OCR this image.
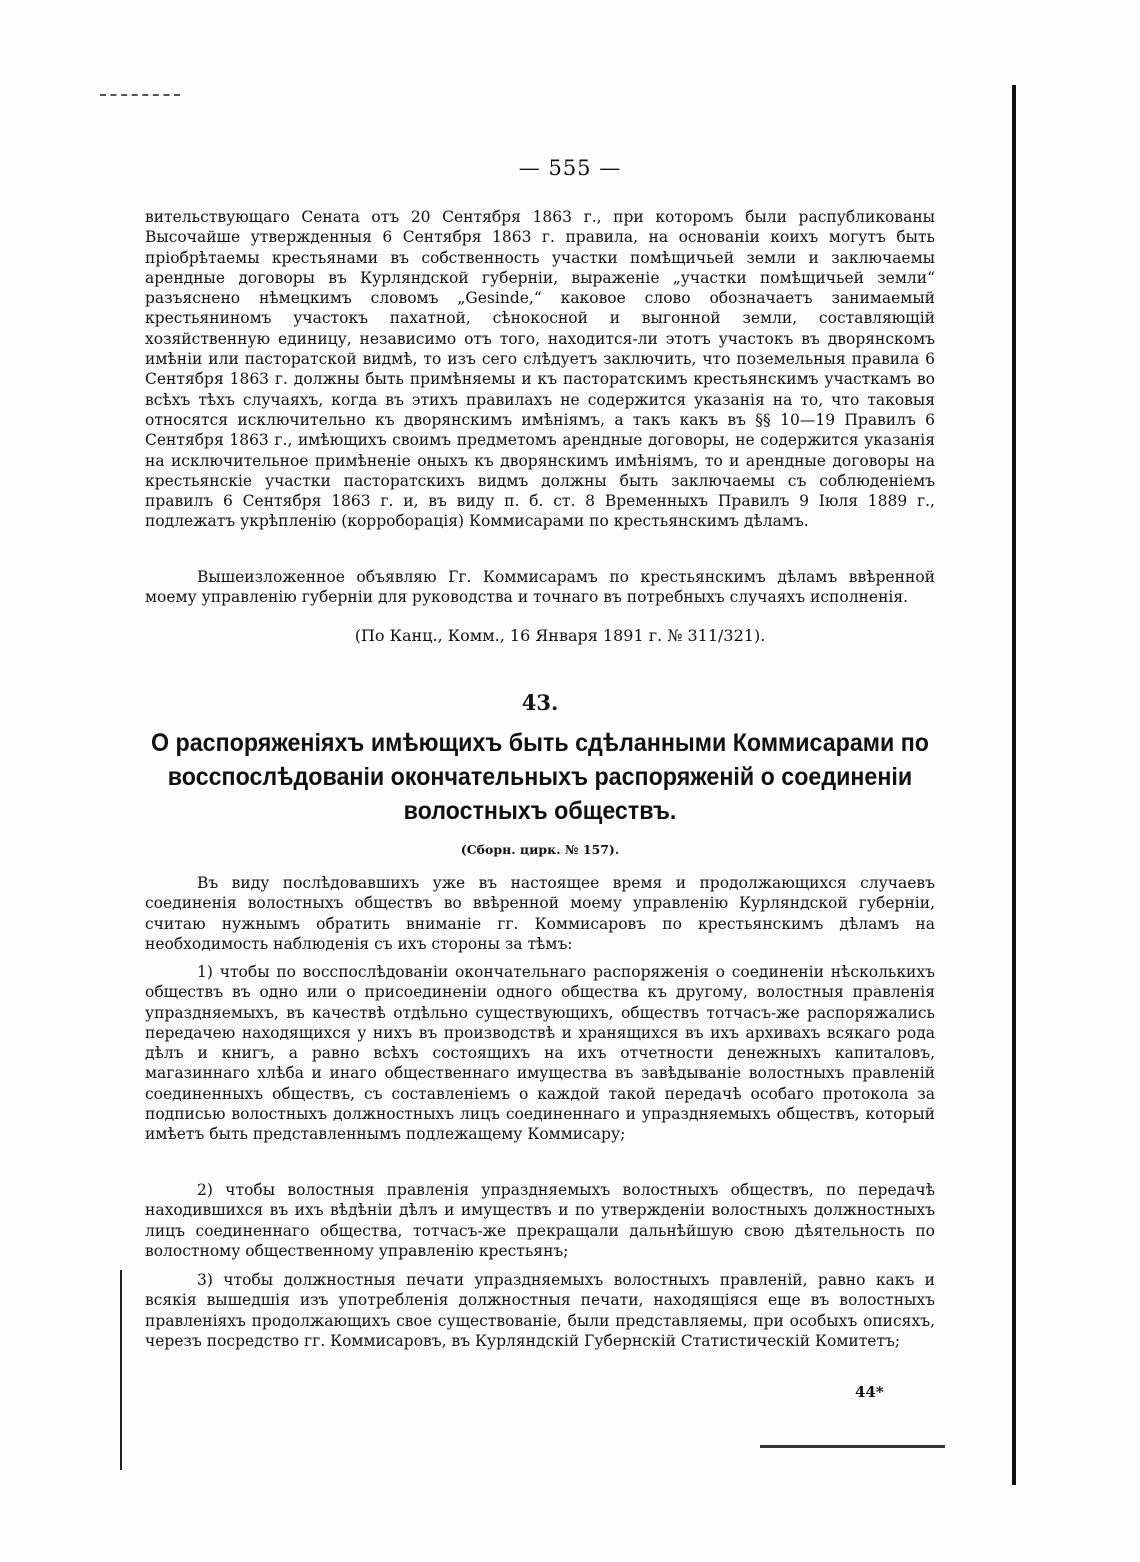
— 555 —

вительствующаго Сената отъ 20 Сентября 1863 г., при которомъ были распубликованы Высочайше утвержденныя 6 Сентября 1863 г. правила, на основаніи коихъ могутъ быть пріобрѣтаемы крестьянами въ собственность участки помѣщичьей земли и заключаемы арендные договоры въ Курляндской губерніи, выраженіе „участки помѣщичьей земли“ разъяснено нѣмецкимъ словомъ „Gesinde,“ каковое слово обозначаетъ занимаемый крестьяниномъ участокъ пахатной, сѣнокосной и выгонной земли, составляющій хозяйственную единицу, независимо отъ того, находится-ли этотъ участокъ въ дворянскомъ имѣніи или пасторатской видмѣ, то изъ сего слѣдуетъ заключить, что поземельныя правила 6 Сентября 1863 г. должны быть примѣняемы и къ пасторатскимъ крестьянскимъ участкамъ во всѣхъ тѣхъ случаяхъ, когда въ этихъ правилахъ не содержится указанія на то, что таковыя относятся исключительно къ дворянскимъ имѣніямъ, а такъ какъ въ §§ 10—19 Правилъ 6 Сентября 1863 г., имѣющихъ своимъ предметомъ арендные договоры, не содержится указанія на исключительное примѣненіе оныхъ къ дворянскимъ имѣніямъ, то и арендные договоры на крестьянскіе участки пасторатскихъ видмъ должны быть заключаемы съ соблюденіемъ правилъ 6 Сентября 1863 г. и, въ виду п. б. ст. 8 Временныхъ Правилъ 9 Іюля 1889 г., подлежатъ укрѣпленію (корроборація) Коммисарами по крестьянскимъ дѣламъ.

Вышеизложенное объявляю Гг. Коммисарамъ по крестьянскимъ дѣламъ ввѣренной моему управленію губерніи для руководства и точнаго въ потребныхъ случаяхъ исполненія.

(По Канц., Комм., 16 Января 1891 г. № 311/321).
43.
О распоряженіяхъ имѣющихъ быть сдѣланными Коммисарами по восспослѣдованіи окончательныхъ распоряженій о соединеніи волостныхъ обществъ.
(Сборн. цирк. № 157).

Въ виду послѣдовавшихъ уже въ настоящее время и продолжающихся случаевъ соединенія волостныхъ обществъ во ввѣренной моему управленію Курляндской губерніи, считаю нужнымъ обратить вниманіе гг. Коммисаровъ по крестьянскимъ дѣламъ на необходимость наблюденія съ ихъ стороны за тѣмъ:

1) чтобы по восспослѣдованіи окончательнаго распоряженія о соединеніи нѣсколькихъ обществъ въ одно или о присоединеніи одного общества къ другому, волостныя правленія упраздняемыхъ, въ качествѣ отдѣльно существующихъ, обществъ тотчасъ-же распоряжались передачею находящихся у нихъ въ производствѣ и хранящихся въ ихъ архивахъ всякаго рода дѣлъ и книгъ, а равно всѣхъ состоящихъ на ихъ отчетности денежныхъ капиталовъ, магазиннаго хлѣба и инаго общественнаго имущества въ завѣдываніе волостныхъ правленій соединенныхъ обществъ, съ составленіемъ о каждой такой передачѣ особаго протокола за подписью волостныхъ должностныхъ лицъ соединеннаго и упраздняемыхъ обществъ, который имѣетъ быть представленнымъ подлежащему Коммисару;

2) чтобы волостныя правленія упраздняемыхъ волостныхъ обществъ, по передачѣ находившихся въ ихъ вѣдѣніи дѣлъ и имуществъ и по утвержденіи волостныхъ должностныхъ лицъ соединеннаго общества, тотчасъ-же прекращали дальнѣйшую свою дѣятельность по волостному общественному управленію крестьянъ;

3) чтобы должностныя печати упраздняемыхъ волостныхъ правленій, равно какъ и всякія вышедшія изъ употребленія должностныя печати, находящіяся еще въ волостныхъ правленіяхъ продолжающихъ свое существованіе, были представляемы, при особыхъ описяхъ, черезъ посредство гг. Коммисаровъ, въ Курляндскій Губернскій Статистическій Комитетъ;

44*
